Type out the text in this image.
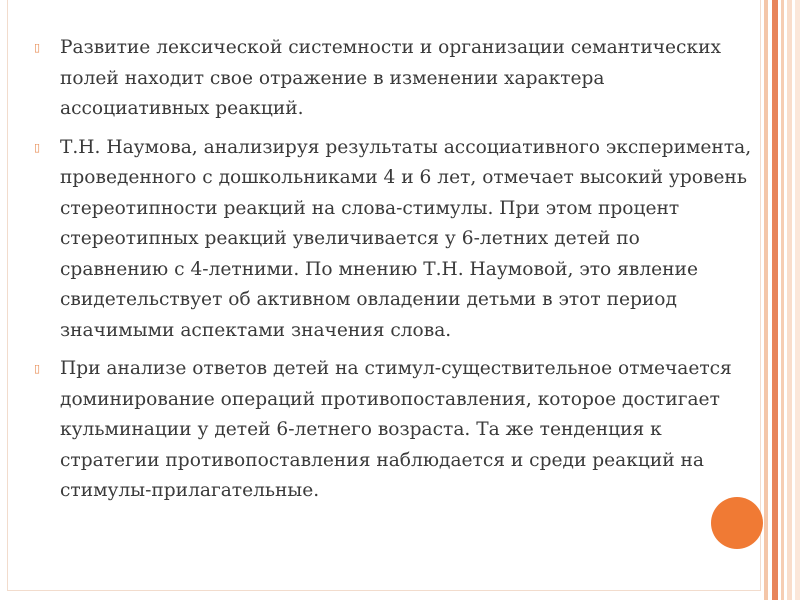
▯ Развитие лексической системности и организации семантических полей находит свое отражение в изменении характера ассоциативных реакций.
▯ Т.Н. Наумова, анализируя результаты ассоциативного эксперимента, проведенного с дошкольниками 4 и 6 лет, отмечает высокий уровень стереотипности реакций на слова-стимулы. При этом процент стереотипных реакций увеличивается у 6-летних детей по сравнению с 4-летними. По мнению Т.Н. Наумовой, это явление свидетельствует об активном овладении детьми в этот период значимыми аспектами значения слова.
▯ При анализе ответов детей на стимул-существительное отмечается доминирование операций противопоставления, которое достигает кульминации у детей 6-летнего возраста. Та же тенденция к стратегии противопоставления наблюдается и среди реакций на стимулы-прилагательные.
